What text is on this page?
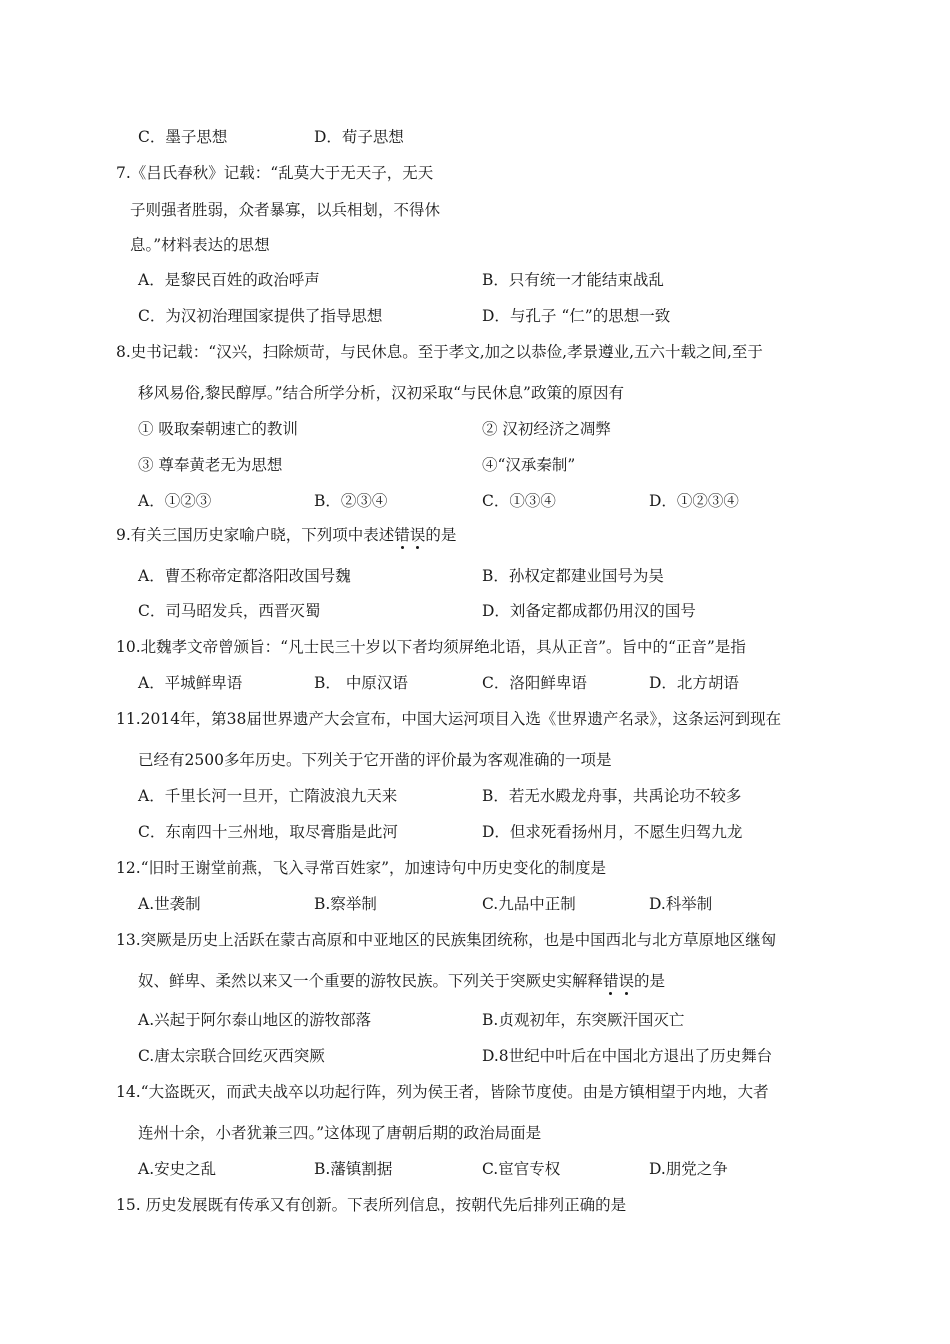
C．墨子思想	D．荀子思想
7.《吕氏春秋》记载：“乱莫大于无天子，无天
子则强者胜弱，众者暴寡，以兵相刬，不得休
息。”材料表达的思想
A．是黎民百姓的政治呼声	B．只有统一才能结束战乱
C．为汉初治理国家提供了指导思想	D．与孔子 “仁”的思想一致
8.史书记载：“汉兴，扫除烦苛，与民休息。至于孝文,加之以恭俭,孝景遵业,五六十载之间,至于
移风易俗,黎民醇厚。”结合所学分析，汉初采取“与民休息”政策的原因有
① 吸取秦朝速亡的教训	② 汉初经济之凋弊
③ 尊奉黄老无为思想	④“汉承秦制”
A．①②③	B．②③④	C．①③④	D．①②③④
9.有关三国历史家喻户晓，下列项中表述错误的是
A．曹丕称帝定都洛阳改国号魏	B．孙权定都建业国号为吴
C．司马昭发兵，西晋灭蜀	D．刘备定都成都仍用汉的国号
10.北魏孝文帝曾颁旨：“凡士民三十岁以下者均须屏绝北语，具从正音”。旨中的“正音”是指
A．平城鲜卑语	B． 中原汉语	C．洛阳鲜卑语	D．北方胡语
11.2014年，第38届世界遗产大会宣布，中国大运河项目入选《世界遗产名录》，这条运河到现在
已经有2500多年历史。下列关于它开凿的评价最为客观准确的一项是
A．千里长河一旦开，亡隋波浪九天来	B．若无水殿龙舟事，共禹论功不较多
C．东南四十三州地，取尽膏脂是此河	D．但求死看扬州月，不愿生归驾九龙
12.“旧时王谢堂前燕，飞入寻常百姓家”，加速诗句中历史变化的制度是
A.世袭制	B.察举制	C.九品中正制	D.科举制
13.突厥是历史上活跃在蒙古高原和中亚地区的民族集团统称，也是中国西北与北方草原地区继匈
奴、鲜卑、柔然以来又一个重要的游牧民族。下列关于突厥史实解释错误的是
A.兴起于阿尔泰山地区的游牧部落	B.贞观初年，东突厥汗国灭亡
C.唐太宗联合回纥灭西突厥	D.8世纪中叶后在中国北方退出了历史舞台
14.“大盗既灭，而武夫战卒以功起行阵，列为侯王者，皆除节度使。由是方镇相望于内地，大者
连州十余，小者犹兼三四。”这体现了唐朝后期的政治局面是
A.安史之乱	B.藩镇割据	C.宦官专权	D.朋党之争
15. 历史发展既有传承又有创新。下表所列信息，按朝代先后排列正确的是
